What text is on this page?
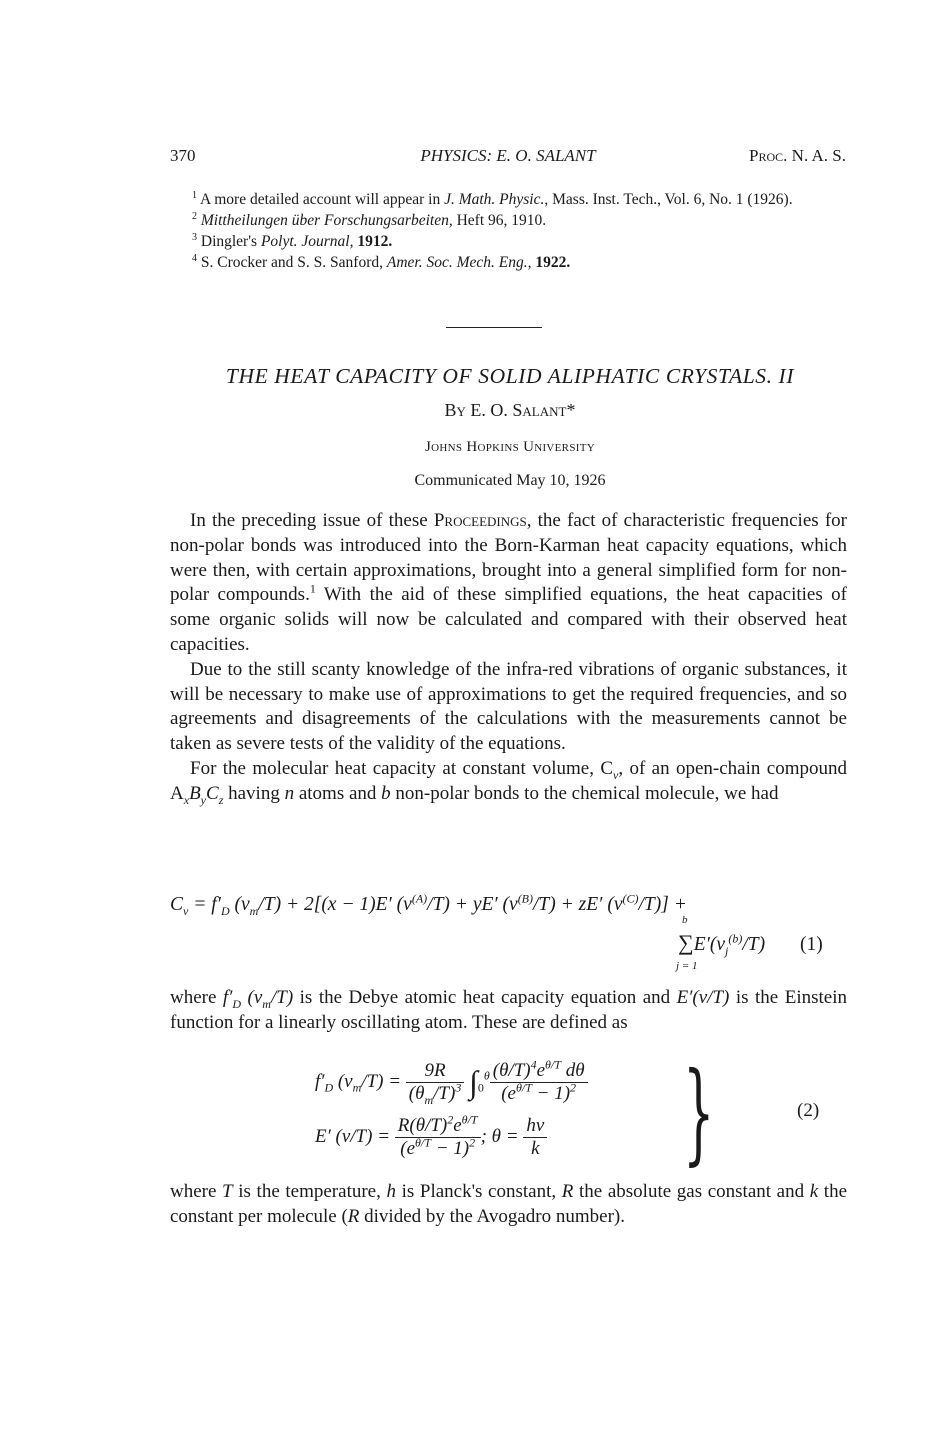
370	PHYSICS: E. O. SALANT	Proc. N. A. S.

$^1$ A more detailed account will appear in J. Math. Physic., Mass. Inst. Tech., Vol. 6, No. 1 (1926).

$^2$ Mittheilungen über Forschungsarbeiten, Heft 96, 1910.

$^3$ Dingler's Polyt. Journal, 1912.

$^4$ S. Crocker and S. S. Sanford, Amer. Soc. Mech. Eng., 1922.

THE HEAT CAPACITY OF SOLID ALIPHATIC CRYSTALS. II
By E. O. Salant*
Johns Hopkins University
Communicated May 10, 1926

In the preceding issue of these Proceedings, the fact of characteristic frequencies for non-polar bonds was introduced into the Born-Karman heat capacity equations, which were then, with certain approximations, brought into a general simplified form for non-polar compounds.$^1$ With the aid of these simplified equations, the heat capacities of some organic solids will now be calculated and compared with their observed heat capacities.

Due to the still scanty knowledge of the infra-red vibrations of organic substances, it will be necessary to make use of approximations to get the required frequencies, and so agreements and disagreements of the calculations with the measurements cannot be taken as severe tests of the validity of the equations.

For the molecular heat capacity at constant volume, $C_v$, of an open-chain compound $A_xB_yC_z$ having n atoms and b non-polar bonds to the chemical molecule, we had

$C_v = f'_D$ $(\nu_m/T) + 2[(x - 1)E'$ $(\nu^{(A)}/T) + yE'$ $(\nu^{(B)}/T) + zE'$ $(\nu^{(C)}/T)$] +
∑
b
j = 1
$E'(\nu_j^{(b)}/T)$ (1)

where $f'_D$ $(\nu_m/T)$ is the Debye atomic heat capacity equation and E′(ν/T) is the Einstein function for a linearly oscillating atom. These are defined as

$f'_D$ $(\nu_m/T) = \frac{9R}{(\theta_m/T)^3} \int_0^\theta \frac{(\theta/T)^4e^{\theta/T} d\theta}{(e^{\theta/T} - 1)^2}$
E′ $(\nu/T) = \frac{R(\theta/T)^2e^{\theta/T}}{(e^{\theta/T} - 1)^2}$ ; $\theta = \frac{h\nu}{k}$ }	(2)

where T is the temperature, h is Planck's constant, R the absolute gas constant and k the constant per molecule (R divided by the Avogadro number).
